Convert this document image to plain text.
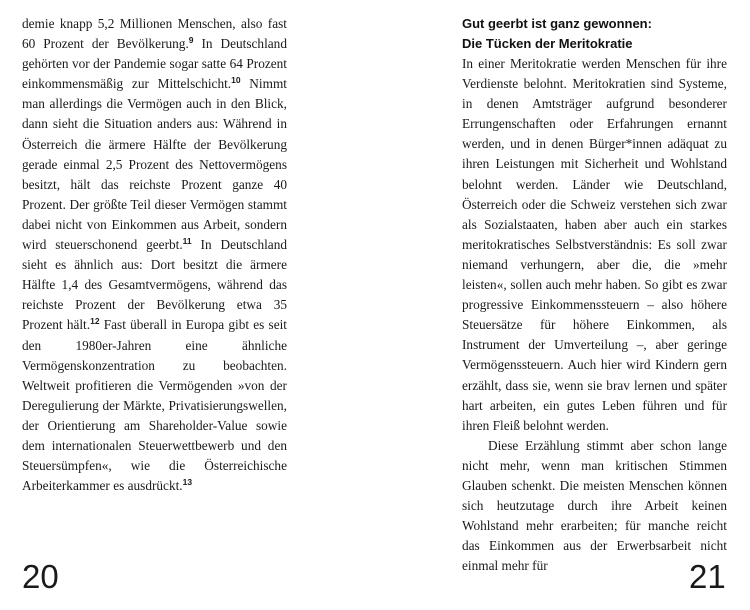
demie knapp 5,2 Millionen Menschen, also fast 60 Prozent der Bevölkerung.$^9$ In Deutschland gehörten vor der Pandemie sogar satte 64 Prozent einkommensmäßig zur Mittelschicht.$^{10}$ Nimmt man allerdings die Vermögen auch in den Blick, dann sieht die Situation anders aus: Während in Österreich die ärmere Hälfte der Bevölkerung gerade einmal 2,5 Prozent des Nettovermögens besitzt, hält das reichste Prozent ganze 40 Prozent. Der größte Teil dieser Vermögen stammt dabei nicht von Einkommen aus Arbeit, sondern wird steuerschonend geerbt.$^{11}$ In Deutschland sieht es ähnlich aus: Dort besitzt die ärmere Hälfte 1,4 des Gesamtvermögens, während das reichste Prozent der Bevölkerung etwa 35 Prozent hält.$^{12}$ Fast überall in Europa gibt es seit den 1980er-Jahren eine ähnliche Vermögenskonzentration zu beobachten. Weltweit profitieren die Vermögenden »von der Deregulierung der Märkte, Privatisierungswellen, der Orientierung am Shareholder-Value sowie dem internationalen Steuerwettbewerb und den Steuersümpfen«, wie die Österreichische Arbeiterkammer es ausdrückt.$^{13}$

20
Gut geerbt ist ganz gewonnen:
Die Tücken der Meritokratie

In einer Meritokratie werden Menschen für ihre Verdienste belohnt. Meritokratien sind Systeme, in denen Amtsträger aufgrund besonderer Errungenschaften oder Erfahrungen ernannt werden, und in denen Bürger*innen adäquat zu ihren Leistungen mit Sicherheit und Wohlstand belohnt werden. Länder wie Deutschland, Österreich oder die Schweiz verstehen sich zwar als Sozialstaaten, haben aber auch ein starkes meritokratisches Selbstverständnis: Es soll zwar niemand verhungern, aber die, die »mehr leisten«, sollen auch mehr haben. So gibt es zwar progressive Einkommenssteuern – also höhere Steuersätze für höhere Einkommen, als Instrument der Umverteilung –, aber geringe Vermögenssteuern. Auch hier wird Kindern gern erzählt, dass sie, wenn sie brav lernen und später hart arbeiten, ein gutes Leben führen und für ihren Fleiß belohnt werden.

Diese Erzählung stimmt aber schon lange nicht mehr, wenn man kritischen Stimmen Glauben schenkt. Die meisten Menschen können sich heutzutage durch ihre Arbeit keinen Wohlstand mehr erarbeiten; für manche reicht das Einkommen aus der Erwerbsarbeit nicht einmal mehr für	21
